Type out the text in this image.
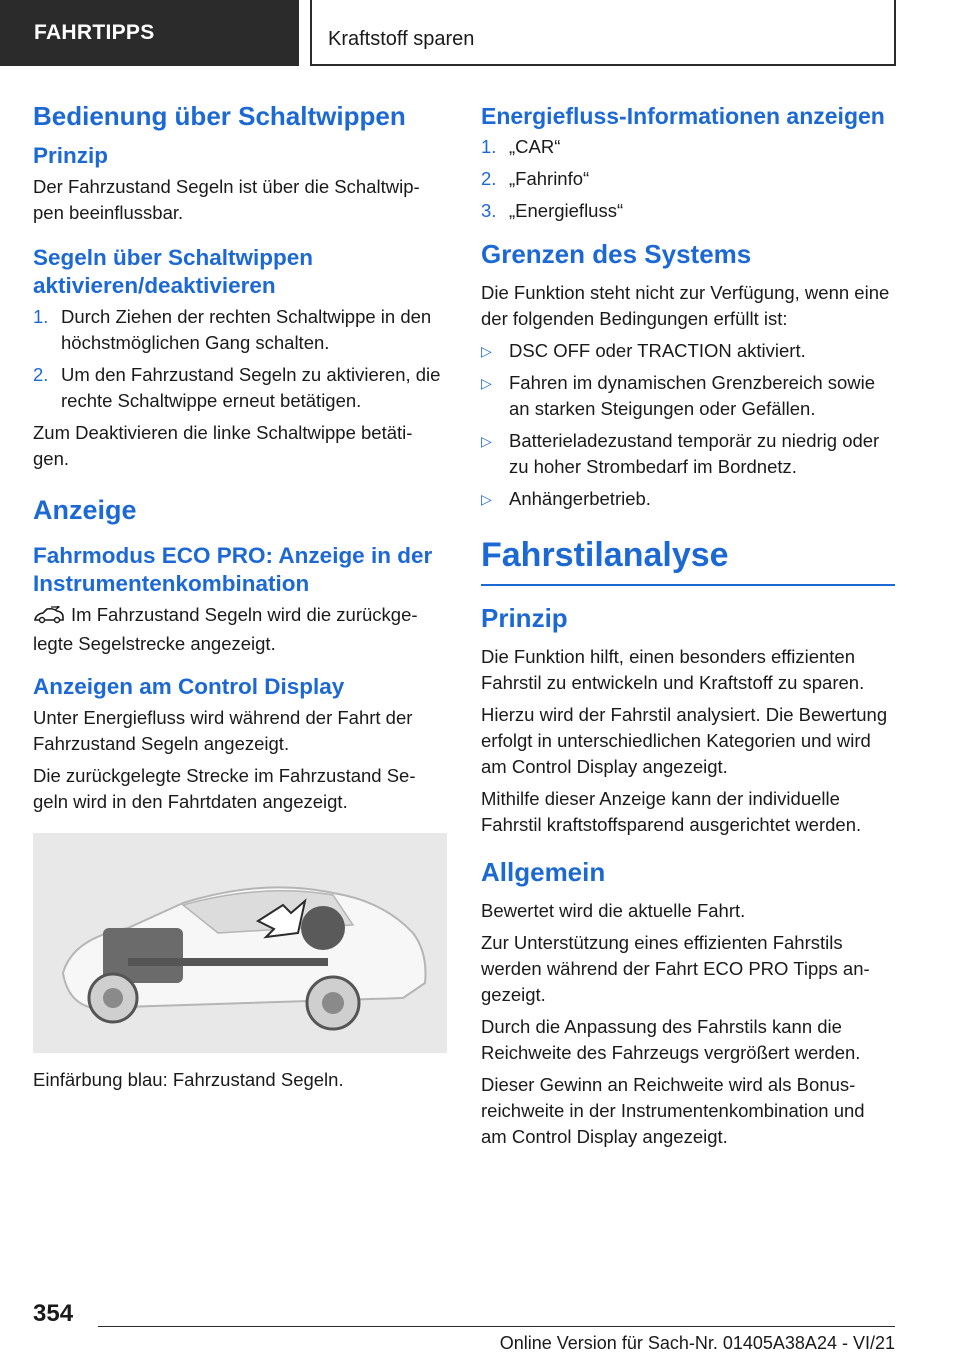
FAHRTIPPS	Kraftstoff sparen
Bedienung über Schaltwippen
Prinzip
Der Fahrzustand Segeln ist über die Schaltwip-pen beeinflussbar.
Segeln über Schaltwippen aktivieren/deaktivieren
1. Durch Ziehen der rechten Schaltwippe in den höchstmöglichen Gang schalten.
2. Um den Fahrzustand Segeln zu aktivieren, die rechte Schaltwippe erneut betätigen.
Zum Deaktivieren die linke Schaltwippe betäti-gen.
Anzeige
Fahrmodus ECO PRO: Anzeige in der Instrumentenkombination
Im Fahrzustand Segeln wird die zurückge-legte Segelstrecke angezeigt.
Anzeigen am Control Display
Unter Energiefluss wird während der Fahrt der Fahrzustand Segeln angezeigt.
Die zurückgelegte Strecke im Fahrzustand Se-geln wird in den Fahrtdaten angezeigt.
Einfärbung blau: Fahrzustand Segeln.
Energiefluss-Informationen anzeigen
1. „CAR“
2. „Fahrinfo“
3. „Energiefluss“
Grenzen des Systems
Die Funktion steht nicht zur Verfügung, wenn eine der folgenden Bedingungen erfüllt ist:
▷ DSC OFF oder TRACTION aktiviert.
▷ Fahren im dynamischen Grenzbereich sowie an starken Steigungen oder Gefällen.
▷ Batterieladezustand temporär zu niedrig oder zu hoher Strombedarf im Bordnetz.
▷ Anhängerbetrieb.
Fahrstilanalyse
Prinzip
Die Funktion hilft, einen besonders effizienten Fahrstil zu entwickeln und Kraftstoff zu sparen.
Hierzu wird der Fahrstil analysiert. Die Bewertung erfolgt in unterschiedlichen Kategorien und wird am Control Display angezeigt.
Mithilfe dieser Anzeige kann der individuelle Fahrstil kraftstoffsparend ausgerichtet werden.
Allgemein
Bewertet wird die aktuelle Fahrt.
Zur Unterstützung eines effizienten Fahrstils werden während der Fahrt ECO PRO Tipps an-gezeigt.
Durch die Anpassung des Fahrstils kann die Reichweite des Fahrzeugs vergrößert werden.
Dieser Gewinn an Reichweite wird als Bonus-reichweite in der Instrumentenkombination und am Control Display angezeigt.
354
Online Version für Sach-Nr. 01405A38A24 - VI/21
